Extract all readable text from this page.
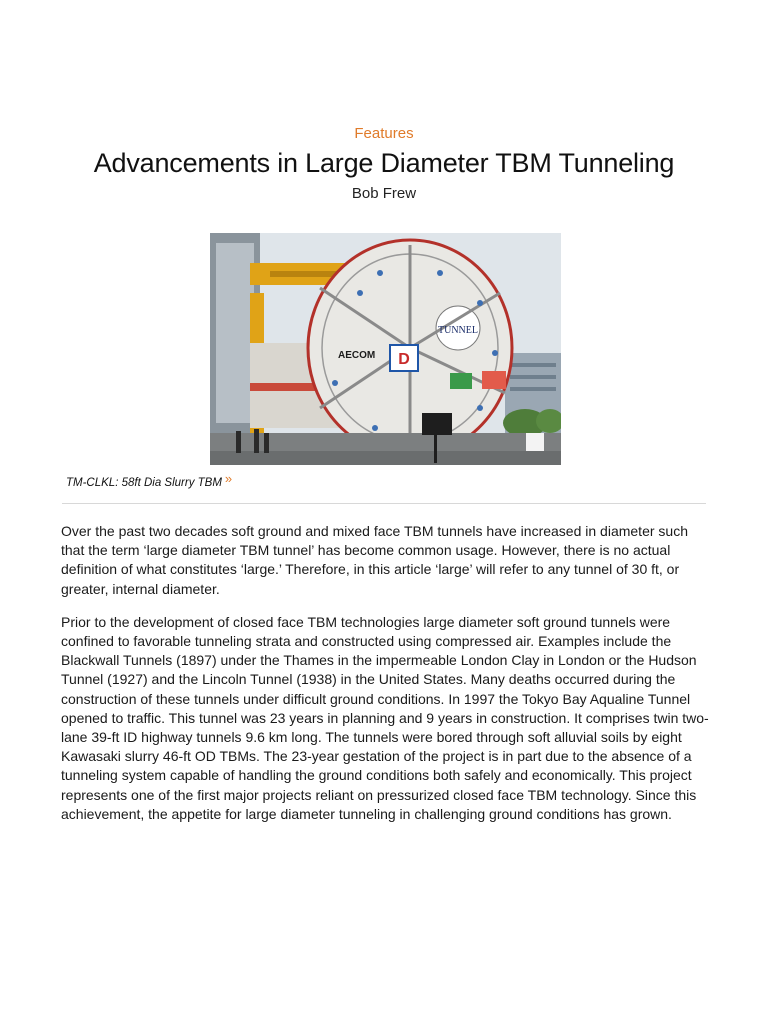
Features
Advancements in Large Diameter TBM Tunneling
Bob Frew
D
TUNNEL
AECOM
TM-CLKL: 58ft Dia Slurry TBM »

Over the past two decades soft ground and mixed face TBM tunnels have increased in diameter such that the term ‘large diameter TBM tunnel’ has become common usage. However, there is no actual definition of what constitutes ‘large.’ Therefore, in this article ‘large’ will refer to any tunnel of 30 ft, or greater, internal diameter.

Prior to the development of closed face TBM technologies large diameter soft ground tunnels were confined to favorable tunneling strata and constructed using compressed air. Examples include the Blackwall Tunnels (1897) under the Thames in the impermeable London Clay in London or the Hudson Tunnel (1927) and the Lincoln Tunnel (1938) in the United States. Many deaths occurred during the construction of these tunnels under difficult ground conditions. In 1997 the Tokyo Bay Aqualine Tunnel opened to traffic. This tunnel was 23 years in planning and 9 years in construction. It comprises twin two-lane 39-ft ID highway tunnels 9.6 km long. The tunnels were bored through soft alluvial soils by eight Kawasaki slurry 46-ft OD TBMs. The 23-year gestation of the project is in part due to the absence of a tunneling system capable of handling the ground conditions both safely and economically. This project represents one of the first major projects reliant on pressurized closed face TBM technology. Since this achievement, the appetite for large diameter tunneling in challenging ground conditions has grown.
